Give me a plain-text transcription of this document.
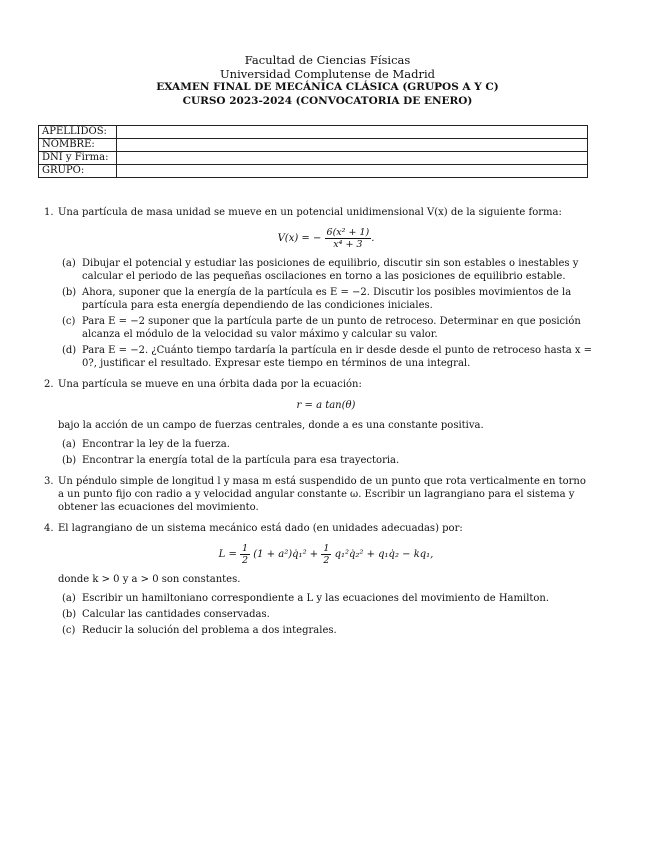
Facultad de Ciencias Físicas
Universidad Complutense de Madrid
EXAMEN FINAL DE MECÁNICA CLÁSICA (GRUPOS A Y C)
CURSO 2023-2024 (CONVOCATORIA DE ENERO)
APELLIDOS:	
NOMBRE:	
DNI y Firma:	
GRUPO:	
1. Una partícula de masa unidad se mueve en un potencial unidimensional V(x) de la siguiente forma:

V(x) = − $\frac{\text{6(x² + 1)}}{\text{x⁴ + 3}}$ .
(a) Dibujar el potencial y estudiar las posiciones de equilibrio, discutir sin son estables o inestables y calcular el periodo de las pequeñas oscilaciones en torno a las posiciones de equilibrio estable.
(b) Ahora, suponer que la energía de la partícula es E = −2. Discutir los posibles movimientos de la partícula para esta energía dependiendo de las condiciones iniciales.
(c) Para E = −2 suponer que la partícula parte de un punto de retroceso. Determinar en que posición alcanza el módulo de la velocidad su valor máximo y calcular su valor.
(d) Para E = −2. ¿Cuánto tiempo tardaría la partícula en ir desde desde el punto de retroceso hasta x = 0?, justificar el resultado. Expresar este tiempo en términos de una integral.
2. Una partícula se mueve en una órbita dada por la ecuación:

r = a tan(θ)

bajo la acción de un campo de fuerzas centrales, donde a es una constante positiva.

(a) Encontrar la ley de la fuerza.
(b) Encontrar la energía total de la partícula para esa trayectoria.
3. Un péndulo simple de longitud l y masa m está suspendido de un punto que rota verticalmente en torno a un punto fijo con radio a y velocidad angular constante ω. Escribir un lagrangiano para el sistema y obtener las ecuaciones del movimiento.

4. El lagrangiano de un sistema mecánico está dado (en unidades adecuadas) por:

$L = \frac{1}{2} (1$ + a²)q̇₁² + $\frac{1}{2}$ q₁²q̇₂² + q₁q̇₂ − kq₁,

donde k > 0 y a > 0 son constantes.

(a) Escribir un hamiltoniano correspondiente a L y las ecuaciones del movimiento de Hamilton.
(b) Calcular las cantidades conservadas.
(c) Reducir la solución del problema a dos integrales.
